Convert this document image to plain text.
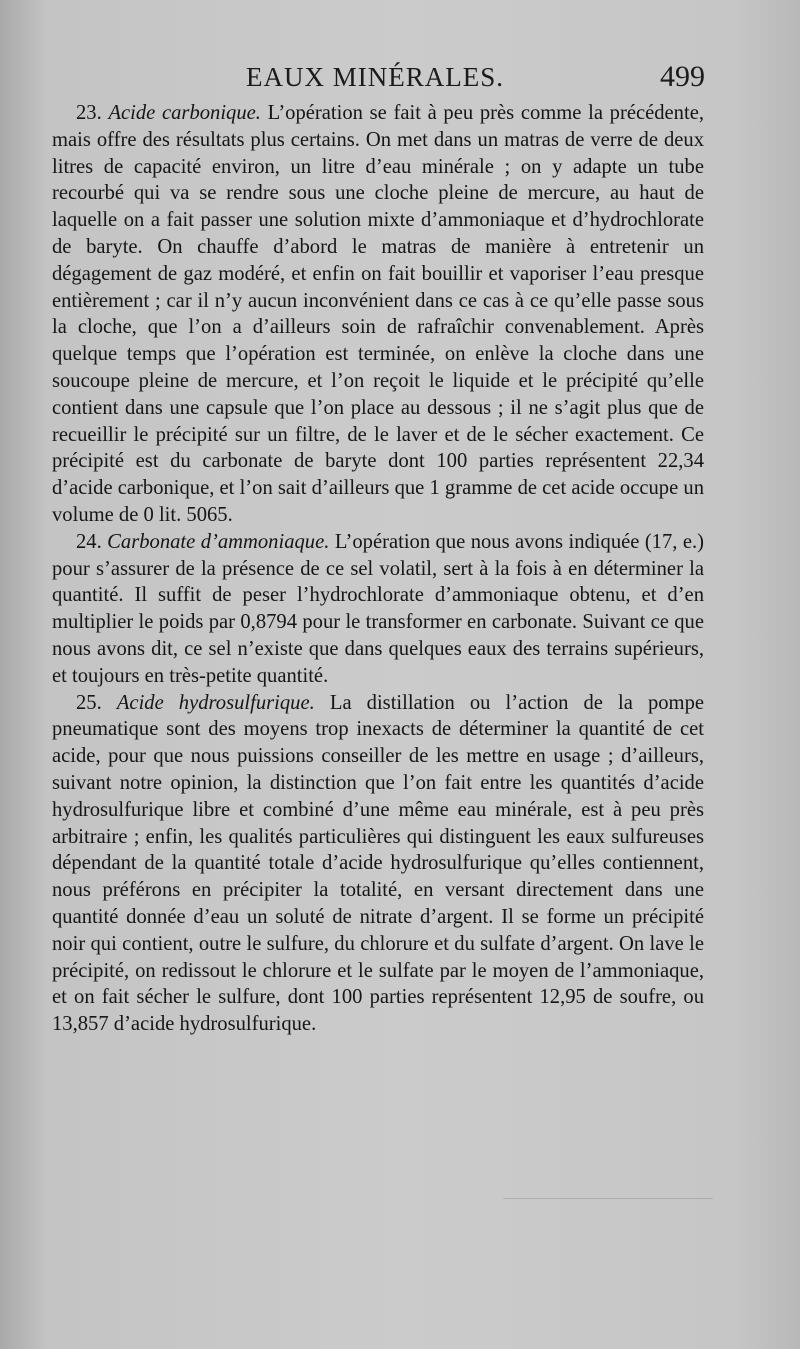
EAUX MINÉRALES.	499

23. Acide carbonique. L’opération se fait à peu près comme la précédente, mais offre des résultats plus certains. On met dans un matras de verre de deux litres de capacité environ, un litre d’eau minérale ; on y adapte un tube recourbé qui va se rendre sous une cloche pleine de mercure, au haut de laquelle on a fait passer une solution mixte d’ammoniaque et d’hydrochlorate de baryte. On chauffe d’abord le matras de manière à entretenir un dégagement de gaz modéré, et enfin on fait bouillir et vaporiser l’eau presque entièrement ; car il n’y aucun inconvénient dans ce cas à ce qu’elle passe sous la cloche, que l’on a d’ailleurs soin de rafraîchir convenablement. Après quelque temps que l’opération est terminée, on enlève la cloche dans une soucoupe pleine de mercure, et l’on reçoit le liquide et le précipité qu’elle contient dans une capsule que l’on place au dessous ; il ne s’agit plus que de recueillir le précipité sur un filtre, de le laver et de le sécher exactement. Ce précipité est du carbonate de baryte dont 100 parties représentent 22,34 d’acide carbonique, et l’on sait d’ailleurs que 1 gramme de cet acide occupe un volume de 0 lit. 5065.

24. Carbonate d’ammoniaque. L’opération que nous avons indiquée (17, e.) pour s’assurer de la présence de ce sel volatil, sert à la fois à en déterminer la quantité. Il suffit de peser l’hydrochlorate d’ammoniaque obtenu, et d’en multiplier le poids par 0,8794 pour le transformer en carbonate. Suivant ce que nous avons dit, ce sel n’existe que dans quelques eaux des terrains supérieurs, et toujours en très-petite quantité.

25. Acide hydrosulfurique. La distillation ou l’action de la pompe pneumatique sont des moyens trop inexacts de déterminer la quantité de cet acide, pour que nous puissions conseiller de les mettre en usage ; d’ailleurs, suivant notre opinion, la distinction que l’on fait entre les quantités d’acide hydrosulfurique libre et combiné d’une même eau minérale, est à peu près arbitraire ; enfin, les qualités particulières qui distinguent les eaux sulfureuses dépendant de la quantité totale d’acide hydrosulfurique qu’elles contiennent, nous préférons en précipiter la totalité, en versant directement dans une quantité donnée d’eau un soluté de nitrate d’argent. Il se forme un précipité noir qui contient, outre le sulfure, du chlorure et du sulfate d’argent. On lave le précipité, on redissout le chlorure et le sulfate par le moyen de l’ammoniaque, et on fait sécher le sulfure, dont 100 parties représentent 12,95 de soufre, ou 13,857 d’acide hydrosulfurique.
